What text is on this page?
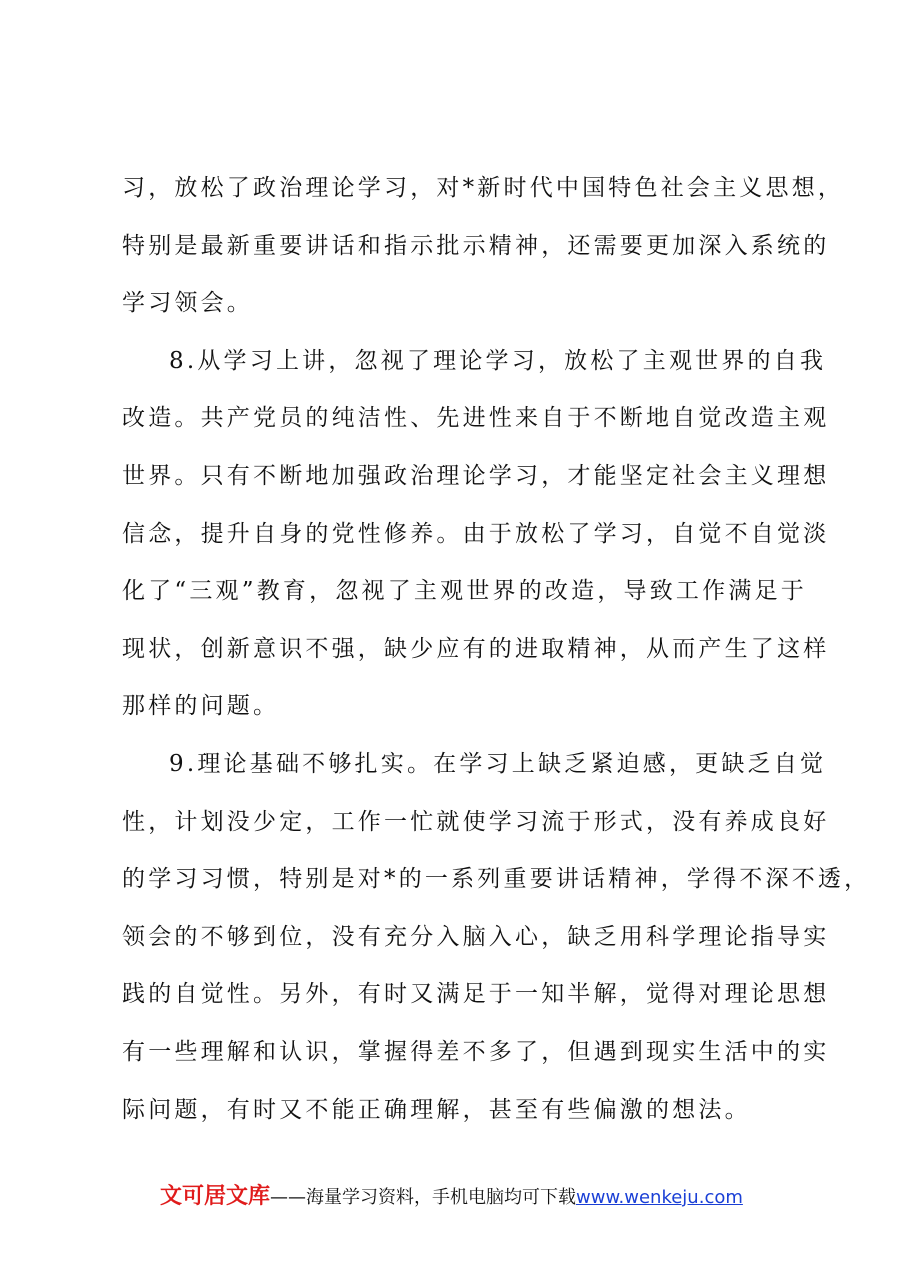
习，放松了政治理论学习，对*新时代中国特色社会主义思想，
特别是最新重要讲话和指示批示精神，还需要更加深入系统的
学习领会。
8.从学习上讲，忽视了理论学习，放松了主观世界的自我
改造。共产党员的纯洁性、先进性来自于不断地自觉改造主观
世界。只有不断地加强政治理论学习，才能坚定社会主义理想
信念，提升自身的党性修养。由于放松了学习，自觉不自觉淡
化了“三观”教育，忽视了主观世界的改造，导致工作满足于
现状，创新意识不强，缺少应有的进取精神，从而产生了这样
那样的问题。
9.理论基础不够扎实。在学习上缺乏紧迫感，更缺乏自觉
性，计划没少定，工作一忙就使学习流于形式，没有养成良好
的学习习惯，特别是对*的一系列重要讲话精神，学得不深不透，
领会的不够到位，没有充分入脑入心，缺乏用科学理论指导实
践的自觉性。另外，有时又满足于一知半解，觉得对理论思想
有一些理解和认识，掌握得差不多了，但遇到现实生活中的实
际问题，有时又不能正确理解，甚至有些偏激的想法。
文可居文库——海量学习资料，手机电脑均可下载www.wenkeju.com
